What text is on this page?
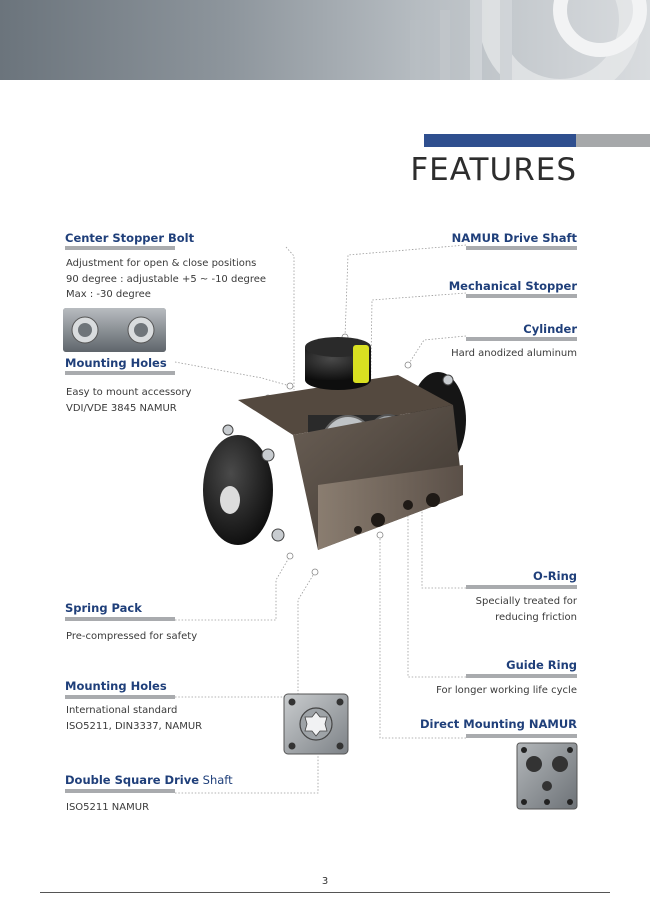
FEATURES
Center Stopper Bolt
Adjustment for open & close positions
90 degree : adjustable +5 ~ -10 degree
Max : -30 degree
Mounting Holes
Easy to mount accessory
VDI/VDE 3845 NAMUR
Spring Pack
Pre-compressed for safety
Mounting Holes
International standard
ISO5211, DIN3337, NAMUR
Double Square Drive Shaft
ISO5211 NAMUR
NAMUR Drive Shaft
Mechanical Stopper
Cylinder
Hard anodized aluminum
O-Ring
Specially treated for
reducing friction
Guide Ring
For longer working life cycle
Direct Mounting NAMUR
3
